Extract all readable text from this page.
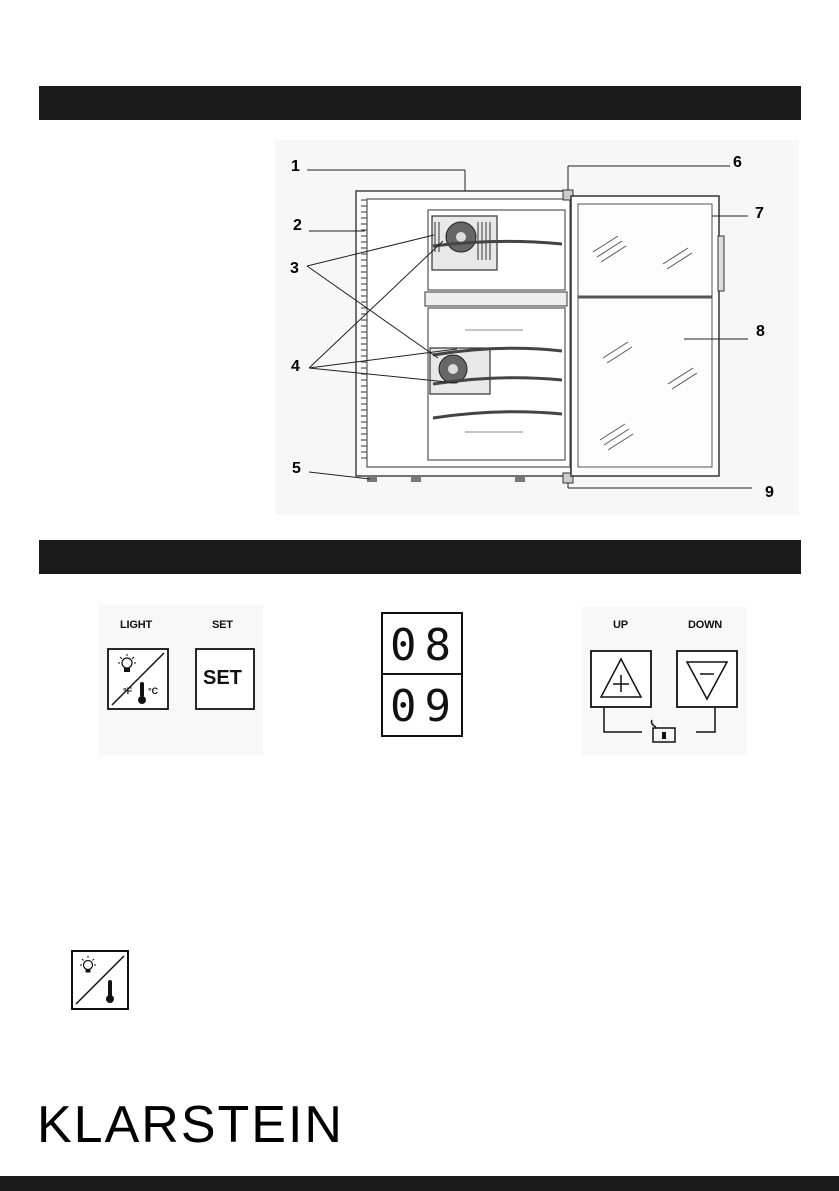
1
2
3
4
5
6
7
8
9
LIGHT	SET
°F °C
SET
08
09
UP	DOWN
KLARSTEIN
